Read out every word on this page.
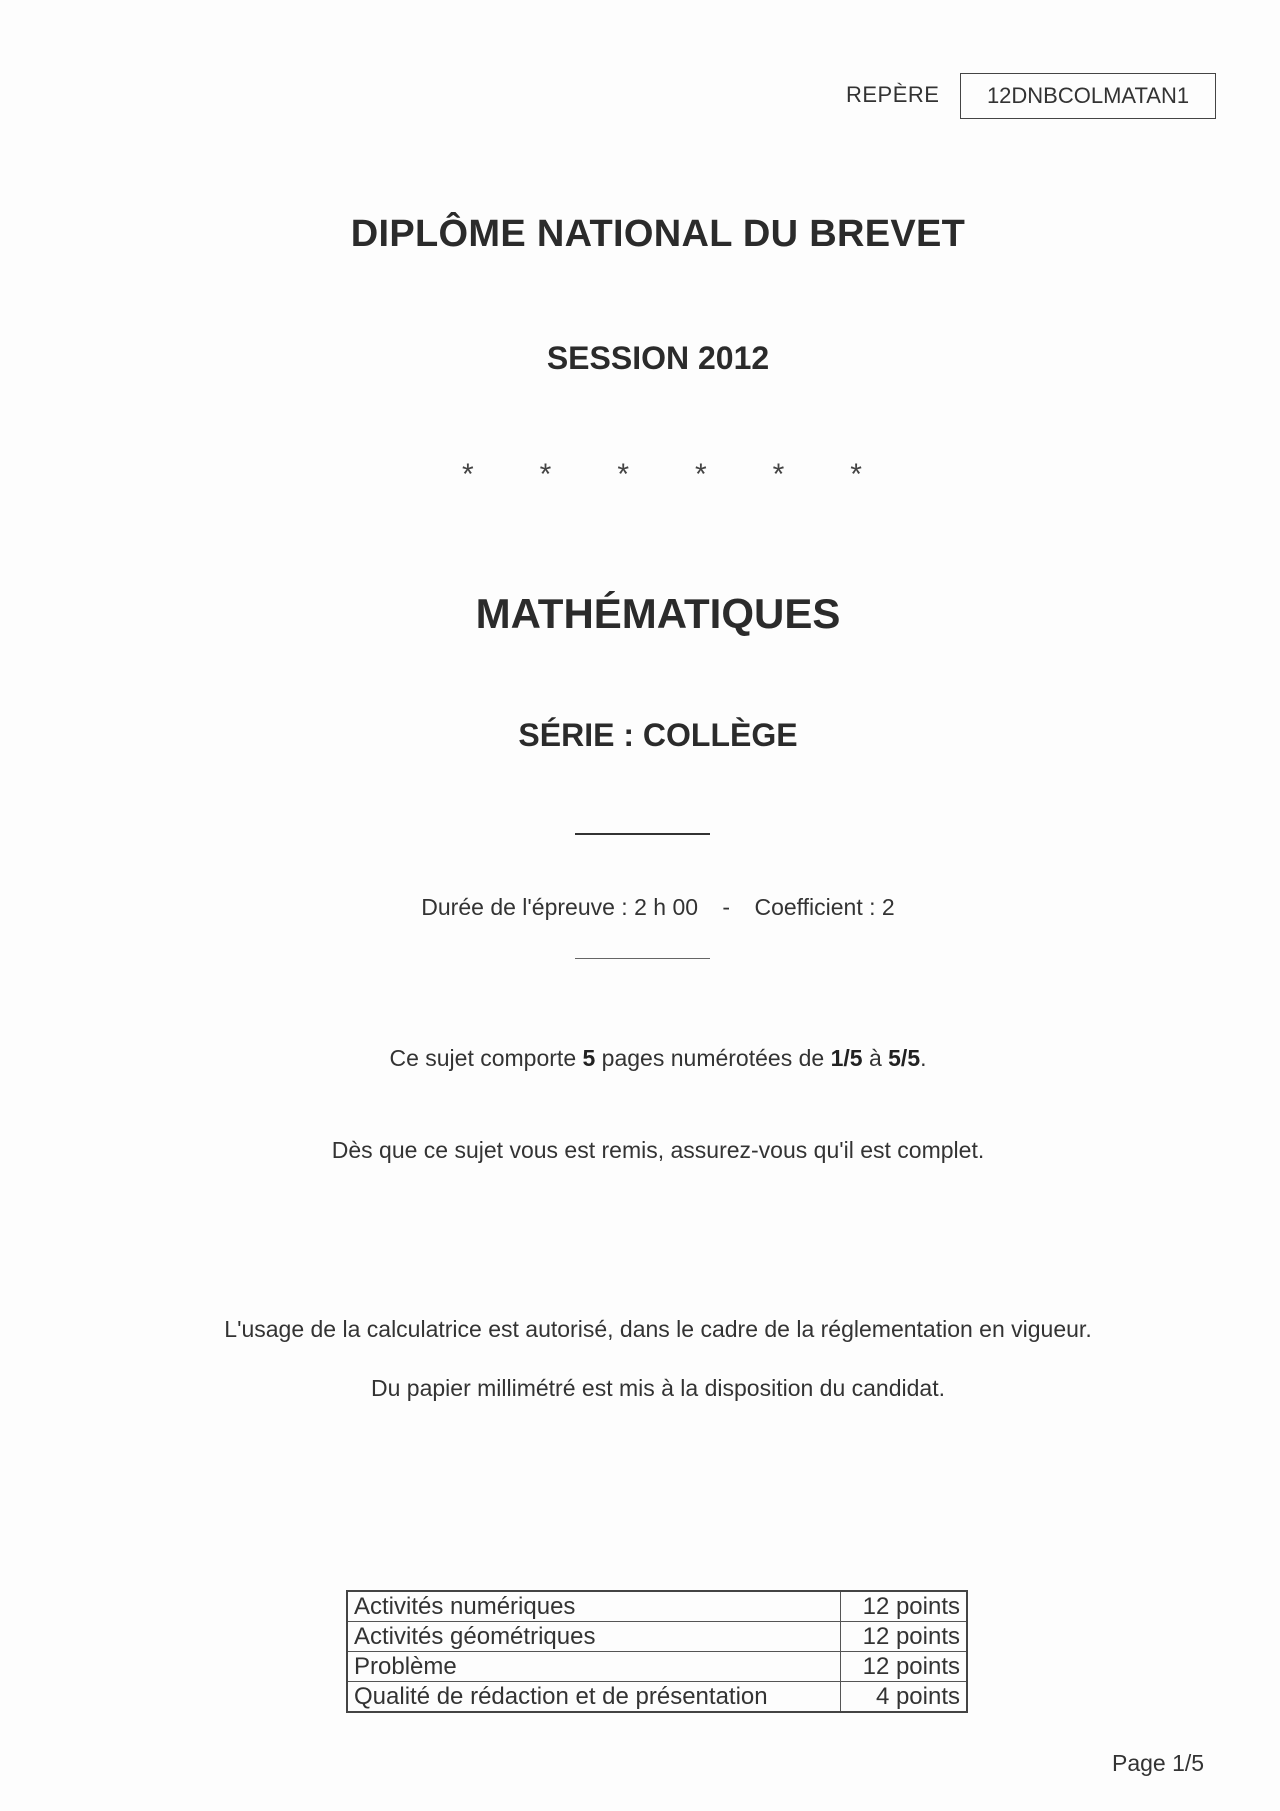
REPÈRE 12DNBCOLMATAN1
DIPLÔME NATIONAL DU BREVET
SESSION 2012
* * * * * *
MATHÉMATIQUES
SÉRIE : COLLÈGE
Durée de l'épreuve : 2 h 00 - Coefficient : 2
Ce sujet comporte 5 pages numérotées de 1/5 à 5/5.
Dès que ce sujet vous est remis, assurez-vous qu'il est complet.
L'usage de la calculatrice est autorisé, dans le cadre de la réglementation en vigueur.
Du papier millimétré est mis à la disposition du candidat.
Activités numériques	12 points
Activités géométriques	12 points
Problème	12 points
Qualité de rédaction et de présentation	4 points
Page 1/5
